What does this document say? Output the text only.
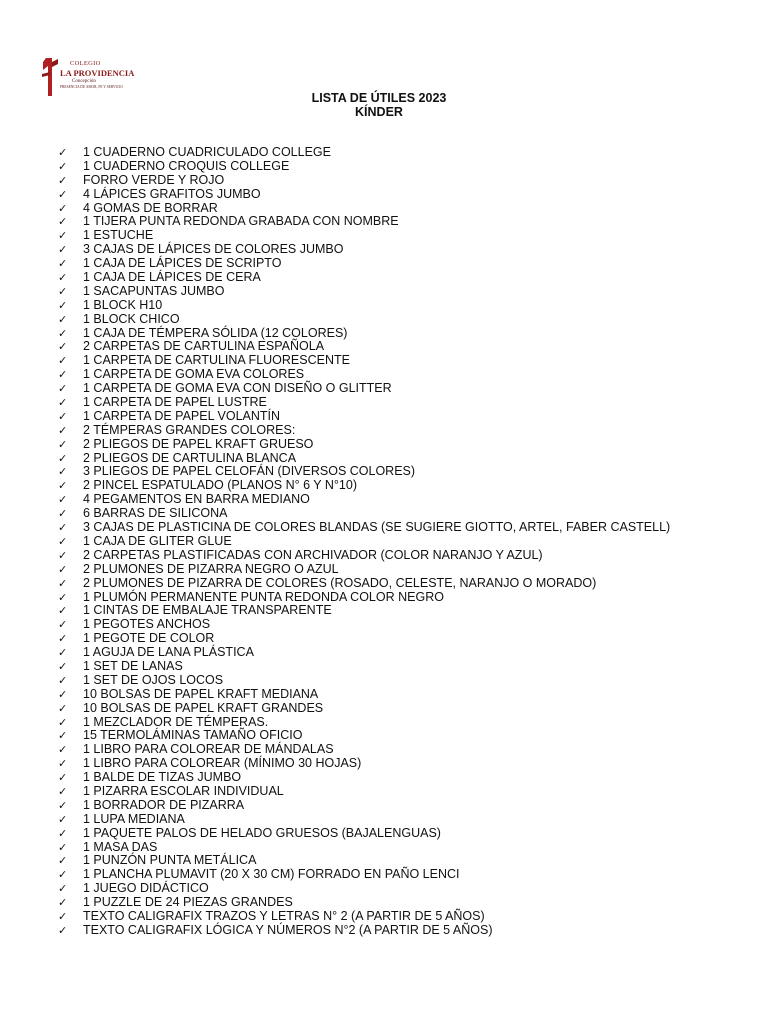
COLEGIO
LA PROVIDENCIA
Concepción
PRESENCIA DE AMOR, FE Y SERVICIO
LISTA DE ÚTILES 2023
KÍNDER
✓ 1 CUADERNO CUADRICULADO COLLEGE
✓ 1 CUADERNO CROQUIS COLLEGE
✓ FORRO VERDE Y ROJO
✓ 4 LÁPICES GRAFITOS JUMBO
✓ 4 GOMAS DE BORRAR
✓ 1 TIJERA PUNTA REDONDA GRABADA CON NOMBRE
✓ 1 ESTUCHE
✓ 3 CAJAS DE LÁPICES DE COLORES JUMBO
✓ 1 CAJA DE LÁPICES DE SCRIPTO
✓ 1 CAJA DE LÁPICES DE CERA
✓ 1 SACAPUNTAS JUMBO
✓ 1 BLOCK H10
✓ 1 BLOCK CHICO
✓ 1 CAJA DE TÉMPERA SÓLIDA (12 COLORES)
✓ 2 CARPETAS DE CARTULINA ESPAÑOLA
✓ 1 CARPETA DE CARTULINA FLUORESCENTE
✓ 1 CARPETA DE GOMA EVA COLORES
✓ 1 CARPETA DE GOMA EVA CON DISEÑO O GLITTER
✓ 1 CARPETA DE PAPEL LUSTRE
✓ 1 CARPETA DE PAPEL VOLANTÍN
✓ 2 TÉMPERAS GRANDES COLORES:
✓ 2 PLIEGOS DE PAPEL KRAFT GRUESO
✓ 2 PLIEGOS DE CARTULINA BLANCA
✓ 3 PLIEGOS DE PAPEL CELOFÁN (DIVERSOS COLORES)
✓ 2 PINCEL ESPATULADO (PLANOS N° 6 Y N°10)
✓ 4 PEGAMENTOS EN BARRA MEDIANO
✓ 6 BARRAS DE SILICONA
✓ 3 CAJAS DE PLASTICINA DE COLORES BLANDAS (SE SUGIERE GIOTTO, ARTEL, FABER CASTELL)
✓ 1 CAJA DE GLITER GLUE
✓ 2 CARPETAS PLASTIFICADAS CON ARCHIVADOR (COLOR NARANJO Y AZUL)
✓ 2 PLUMONES DE PIZARRA NEGRO O AZUL
✓ 2 PLUMONES DE PIZARRA DE COLORES (ROSADO, CELESTE, NARANJO O MORADO)
✓ 1 PLUMÓN PERMANENTE PUNTA REDONDA COLOR NEGRO
✓ 1 CINTAS DE EMBALAJE TRANSPARENTE
✓ 1 PEGOTES ANCHOS
✓ 1 PEGOTE DE COLOR
✓ 1 AGUJA DE LANA PLÁSTICA
✓ 1 SET DE LANAS
✓ 1 SET DE OJOS LOCOS
✓ 10 BOLSAS DE PAPEL KRAFT MEDIANA
✓ 10 BOLSAS DE PAPEL KRAFT GRANDES
✓ 1 MEZCLADOR DE TÉMPERAS.
✓ 15 TERMOLÁMINAS TAMAÑO OFICIO
✓ 1 LIBRO PARA COLOREAR DE MÁNDALAS
✓ 1 LIBRO PARA COLOREAR (MÍNIMO 30 HOJAS)
✓ 1 BALDE DE TIZAS JUMBO
✓ 1 PIZARRA ESCOLAR INDIVIDUAL
✓ 1 BORRADOR DE PIZARRA
✓ 1 LUPA MEDIANA
✓ 1 PAQUETE PALOS DE HELADO GRUESOS (BAJALENGUAS)
✓ 1 MASA DAS
✓ 1 PUNZÓN PUNTA METÁLICA
✓ 1 PLANCHA PLUMAVIT (20 X 30 CM) FORRADO EN PAÑO LENCI
✓ 1 JUEGO DIDÁCTICO
✓ 1 PUZZLE DE 24 PIEZAS GRANDES
✓ TEXTO CALIGRAFIX TRAZOS Y LETRAS N° 2 (A PARTIR DE 5 AÑOS)
✓ TEXTO CALIGRAFIX LÓGICA Y NÚMEROS N°2 (A PARTIR DE 5 AÑOS)
